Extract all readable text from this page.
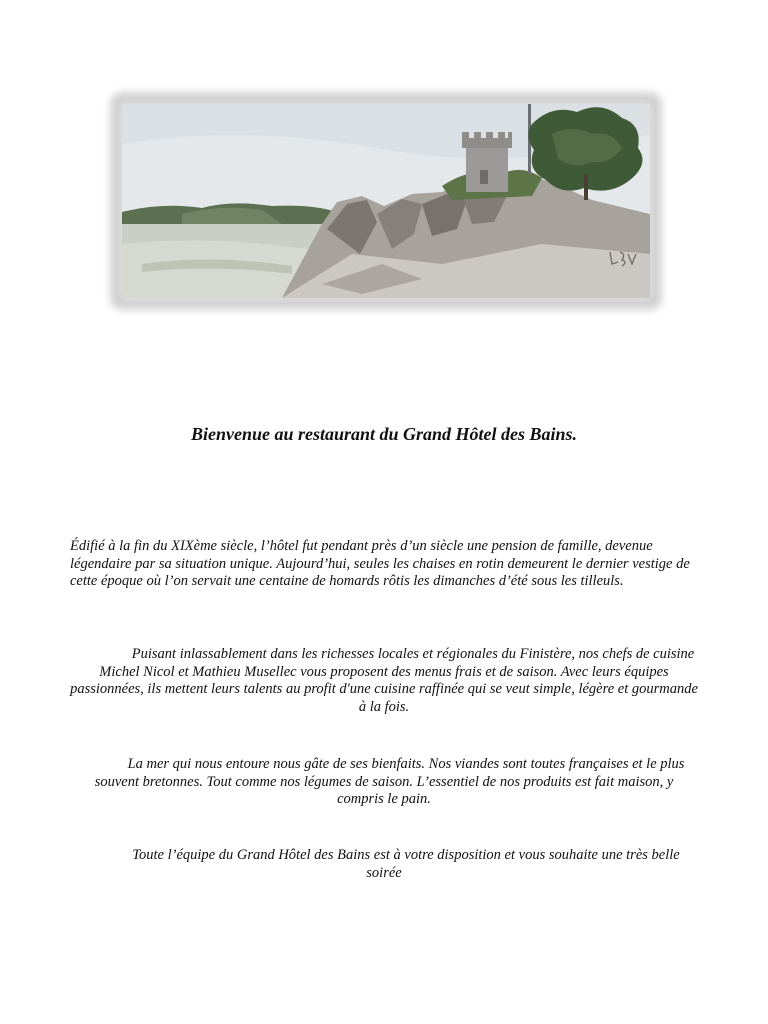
Bienvenue au restaurant du Grand Hôtel des Bains.

Édifié à la fin du XIXème siècle, l’hôtel fut pendant près d’un siècle une pension de famille, devenue légendaire par sa situation unique. Aujourd’hui, seules les chaises en rotin demeurent le dernier vestige de cette époque où l’on servait une centaine de homards rôtis les dimanches d’été sous les tilleuls.

Puisant inlassablement dans les richesses locales et régionales du Finistère, nos chefs de cuisine Michel Nicol et Mathieu Musellec vous proposent des menus frais et de saison. Avec leurs équipes passionnées, ils mettent leurs talents au profit d'une cuisine raffinée qui se veut simple, légère et gourmande à la fois.

La mer qui nous entoure nous gâte de ses bienfaits. Nos viandes sont toutes françaises et le plus souvent bretonnes. Tout comme nos légumes de saison. L’essentiel de nos produits est fait maison, y compris le pain.

Toute l’équipe du Grand Hôtel des Bains est à votre disposition et vous souhaite une très belle soirée
